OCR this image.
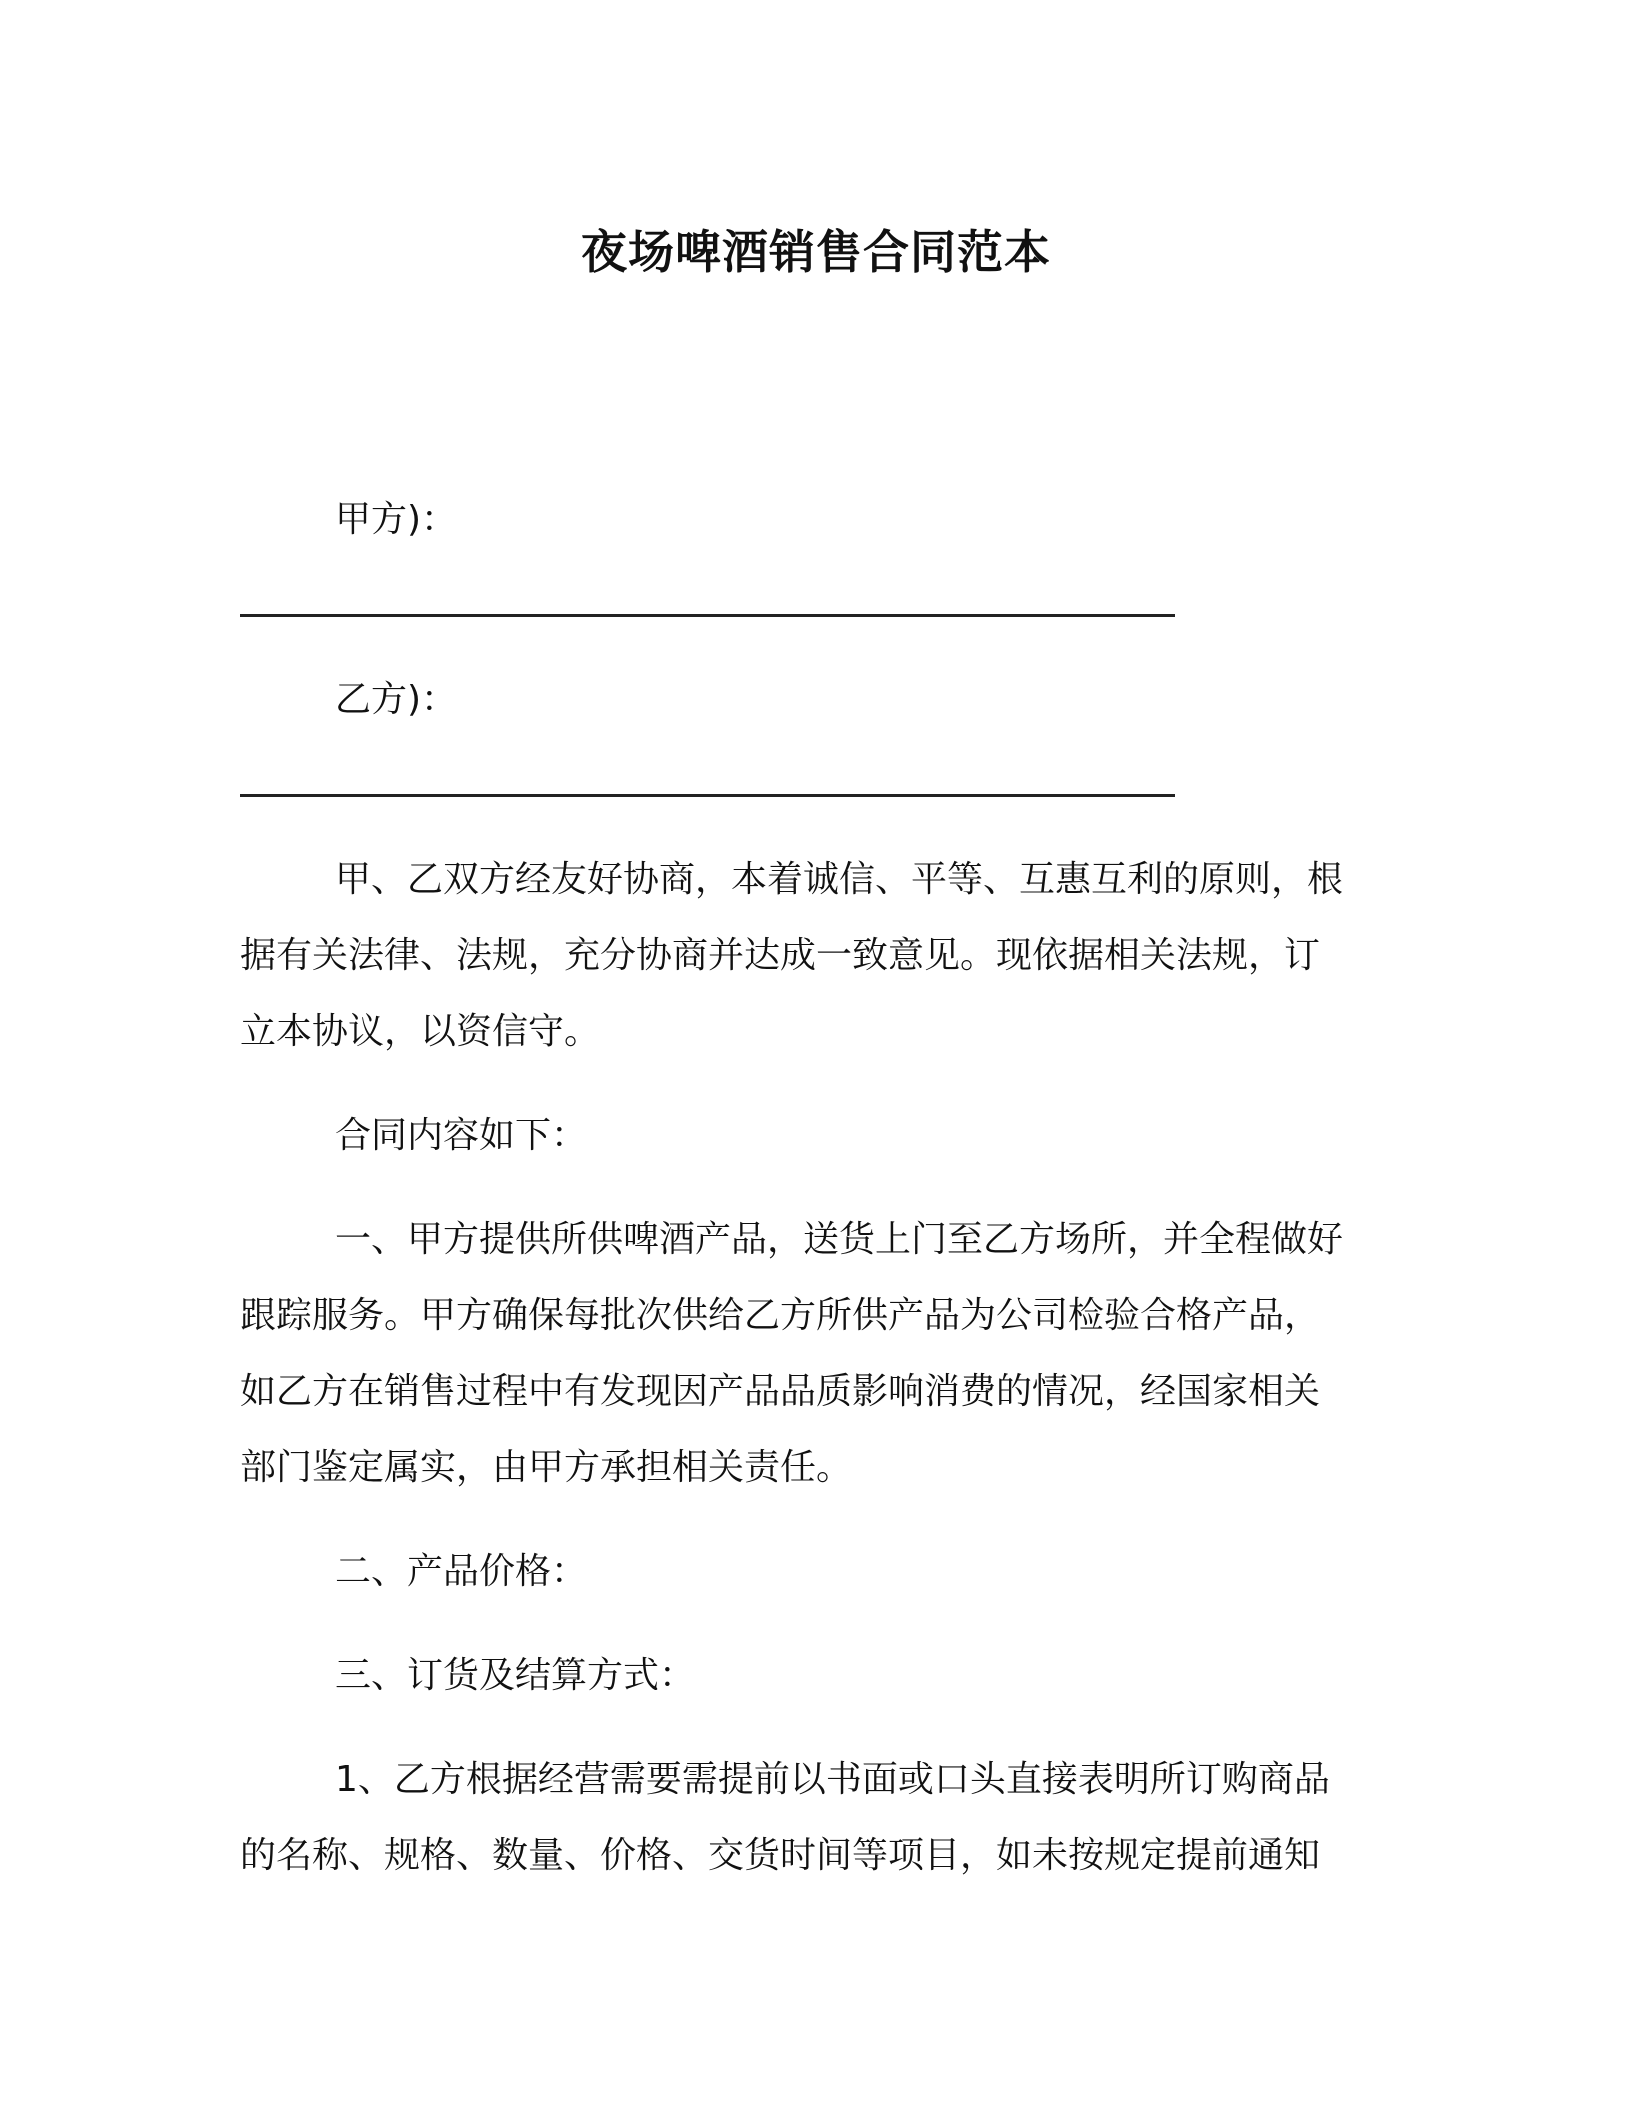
夜场啤酒销售合同范本

甲方)：

乙方)：

甲、乙双方经友好协商，本着诚信、平等、互惠互利的原则，根

据有关法律、法规，充分协商并达成一致意见。现依据相关法规，订

立本协议，以资信守。

合同内容如下：

一、甲方提供所供啤酒产品，送货上门至乙方场所，并全程做好

跟踪服务。甲方确保每批次供给乙方所供产品为公司检验合格产品，

如乙方在销售过程中有发现因产品品质影响消费的情况，经国家相关

部门鉴定属实，由甲方承担相关责任。

二、产品价格：

三、订货及结算方式：

1、乙方根据经营需要需提前以书面或口头直接表明所订购商品

的名称、规格、数量、价格、交货时间等项目，如未按规定提前通知
